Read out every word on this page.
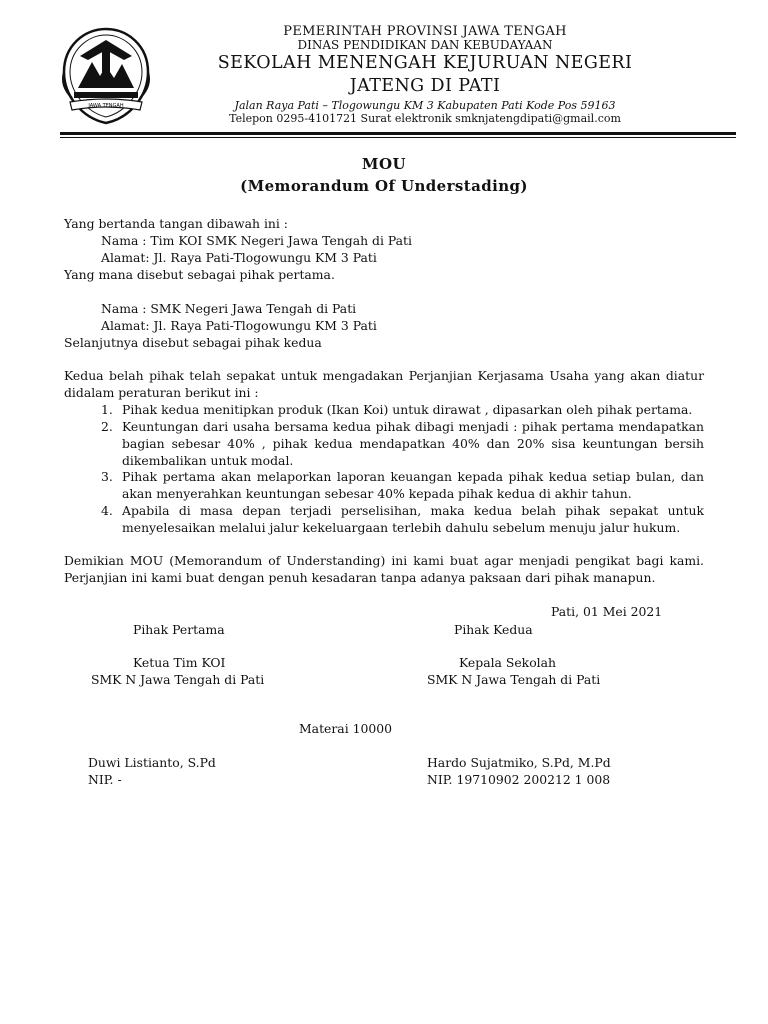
JAWA TENGAH
PEMERINTAH PROVINSI JAWA TENGAH
DINAS PENDIDIKAN DAN KEBUDAYAAN
SEKOLAH MENENGAH KEJURUAN NEGERI
JATENG DI PATI
Jalan Raya Pati – Tlogowungu KM 3 Kabupaten Pati Kode Pos 59163
Telepon 0295-4101721 Surat elektronik smknjatengdipati@gmail.com
MOU
(Memorandum Of Understading)
Yang bertanda tangan dibawah ini :
Nama : Tim KOI SMK Negeri Jawa Tengah di Pati
Alamat: Jl. Raya Pati-Tlogowungu KM 3 Pati
Yang mana disebut sebagai pihak pertama.
Nama : SMK Negeri Jawa Tengah di Pati
Alamat: Jl. Raya Pati-Tlogowungu KM 3 Pati
Selanjutnya disebut sebagai pihak kedua
Kedua belah pihak telah sepakat untuk mengadakan Perjanjian Kerjasama Usaha yang akan diatur didalam peraturan berikut ini :
1. Pihak kedua menitipkan produk (Ikan Koi) untuk dirawat , dipasarkan oleh pihak pertama.
2. Keuntungan dari usaha bersama kedua pihak dibagi menjadi : pihak pertama mendapatkan bagian sebesar 40% , pihak kedua mendapatkan 40% dan 20% sisa keuntungan bersih dikembalikan untuk modal.
3. Pihak pertama akan melaporkan laporan keuangan kepada pihak kedua setiap bulan, dan akan menyerahkan keuntungan sebesar 40% kepada pihak kedua di akhir tahun.
4. Apabila di masa depan terjadi perselisihan, maka kedua belah pihak sepakat untuk menyelesaikan melalui jalur kekeluargaan terlebih dahulu sebelum menuju jalur hukum.
Demikian MOU (Memorandum of Understanding) ini kami buat agar menjadi pengikat bagi kami. Perjanjian ini kami buat dengan penuh kesadaran tanpa adanya paksaan dari pihak manapun.
Pati, 01 Mei 2021
Pihak Pertama	Pihak Kedua
Ketua Tim KOI	Kepala Sekolah
SMK N Jawa Tengah di Pati	SMK N Jawa Tengah di Pati
Materai 10000
Duwi Listianto, S.Pd	Hardo Sujatmiko, S.Pd, M.Pd
NIP. -	NIP. 19710902 200212 1 008
